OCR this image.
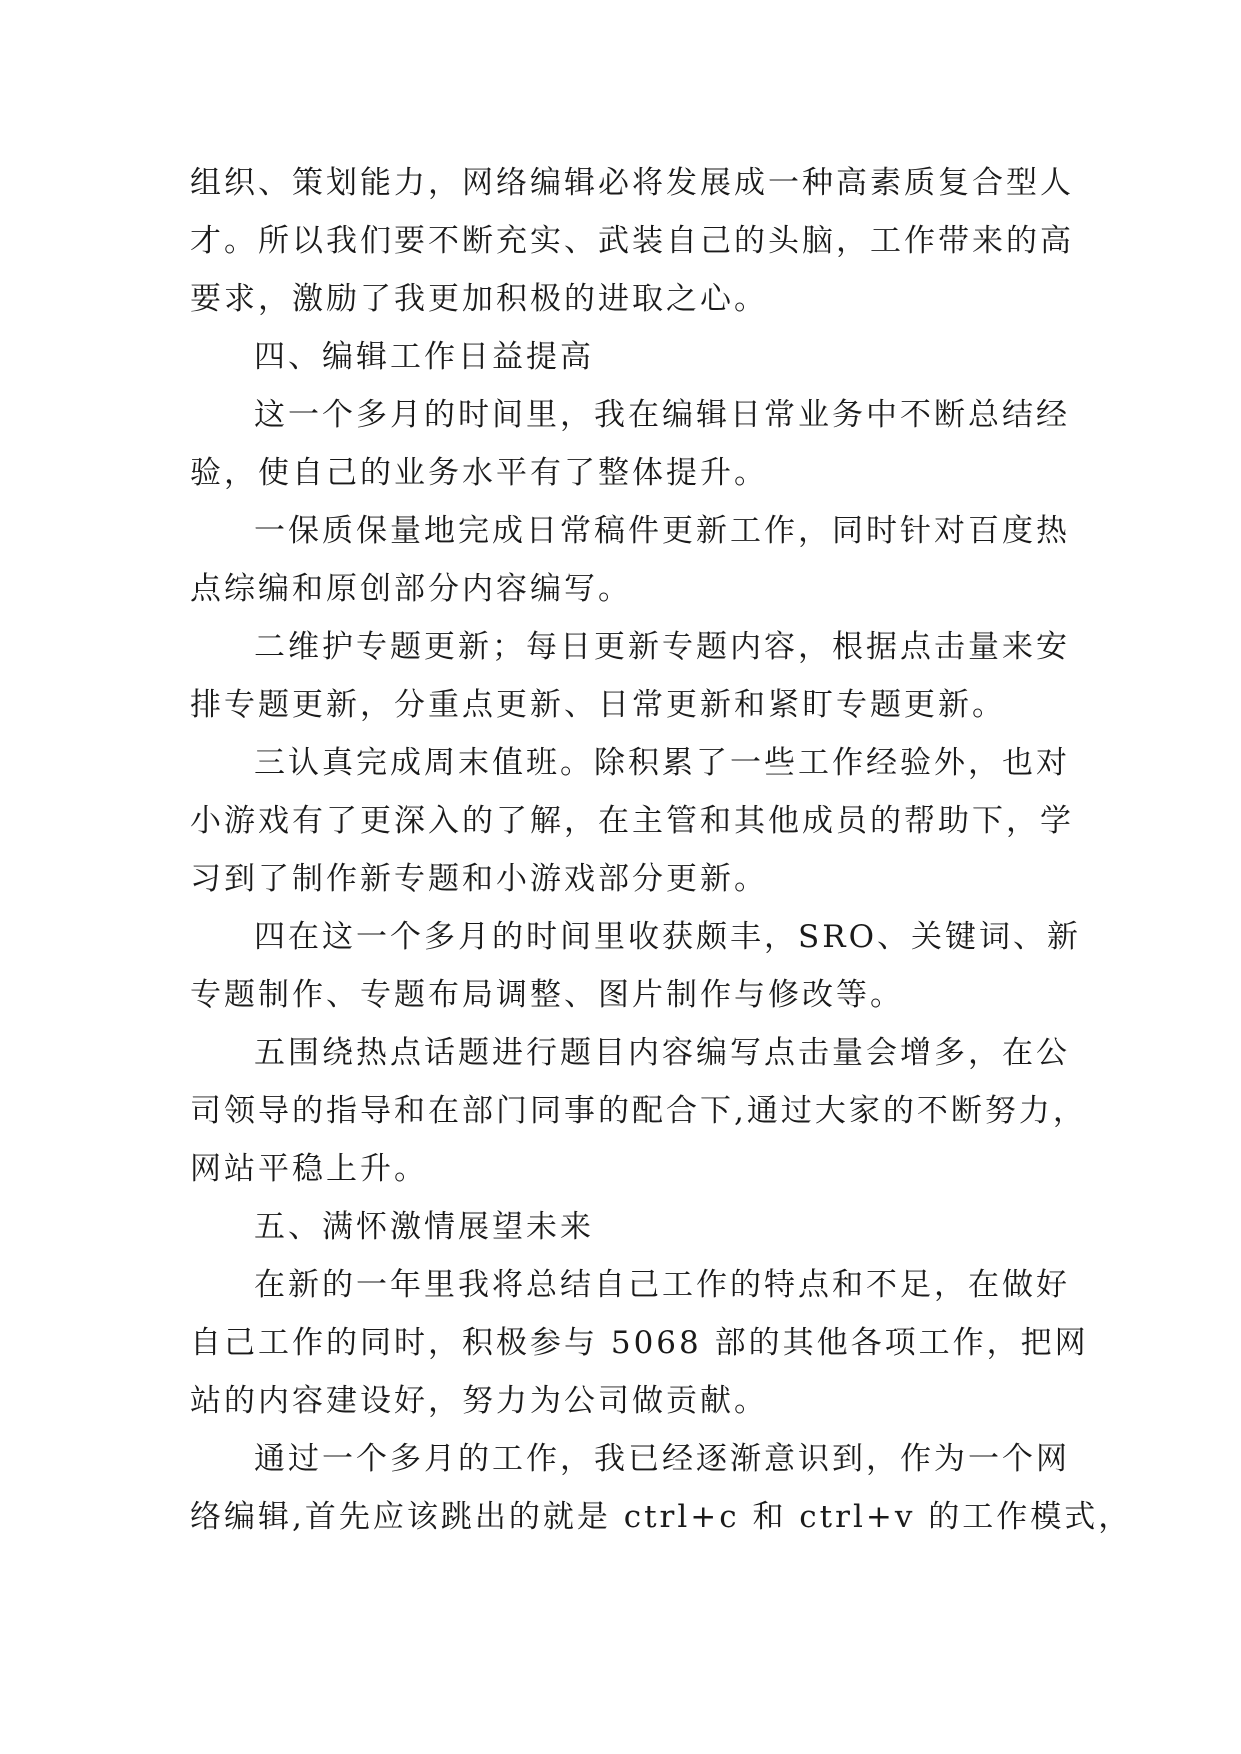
组织、策划能力，网络编辑必将发展成一种高素质复合型人
才。所以我们要不断充实、武装自己的头脑，工作带来的高
要求，激励了我更加积极的进取之心。
四、编辑工作日益提高
这一个多月的时间里，我在编辑日常业务中不断总结经
验，使自己的业务水平有了整体提升。
一保质保量地完成日常稿件更新工作，同时针对百度热
点综编和原创部分内容编写。
二维护专题更新；每日更新专题内容，根据点击量来安
排专题更新，分重点更新、日常更新和紧盯专题更新。
三认真完成周末值班。除积累了一些工作经验外，也对
小游戏有了更深入的了解，在主管和其他成员的帮助下，学
习到了制作新专题和小游戏部分更新。
四在这一个多月的时间里收获颇丰，SRO、关键词、新
专题制作、专题布局调整、图片制作与修改等。
五围绕热点话题进行题目内容编写点击量会增多，在公
司领导的指导和在部门同事的配合下,通过大家的不断努力，
网站平稳上升。
五、满怀激情展望未来
在新的一年里我将总结自己工作的特点和不足，在做好
自己工作的同时，积极参与 5068 部的其他各项工作，把网
站的内容建设好，努力为公司做贡献。
通过一个多月的工作，我已经逐渐意识到，作为一个网
络编辑,首先应该跳出的就是 ctrl+c 和 ctrl+v 的工作模式，
